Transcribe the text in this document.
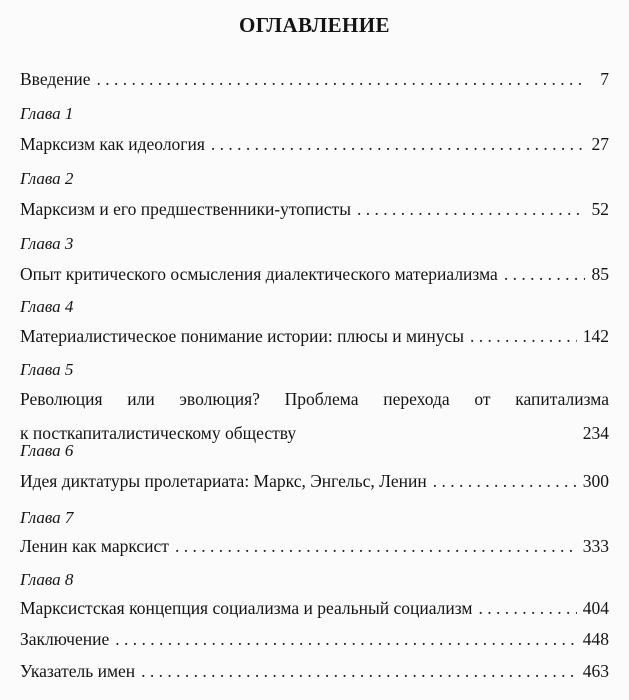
ОГЛАВЛЕНИЕ
Введение . . .	7
Глава 1
Марксизм как идеология . . .	27
Глава 2
Марксизм и его предшественники-утописты . . .	52
Глава 3
Опыт критического осмысления диалектического материализма . . .	85
Глава 4
Материалистическое понимание истории: плюсы и минусы . . .	142
Глава 5
Революция или эволюция? Проблема перехода от капитализма
к посткапиталистическому обществу	234
Глава 6
Идея диктатуры пролетариата: Маркс, Энгельс, Ленин . . .	300
Глава 7
Ленин как марксист . . .	333
Глава 8
Марксистская концепция социализма и реальный социализм . . .	404
Заключение . . .	448
Указатель имен . . .	463
